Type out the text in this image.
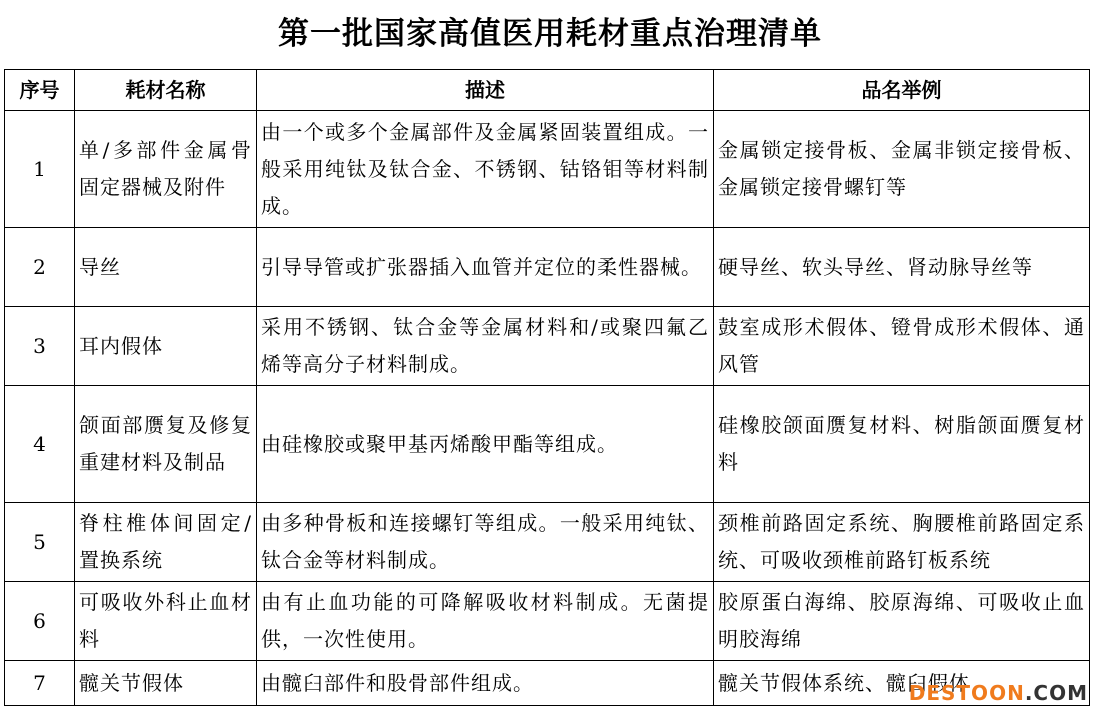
第一批国家高值医用耗材重点治理清单
序号	耗材名称	描述	品名举例
1	单/多部件金属骨固定器械及附件	由一个或多个金属部件及金属紧固装置组成。一般采用纯钛及钛合金、不锈钢、钴铬钼等材料制成。	金属锁定接骨板、金属非锁定接骨板、金属锁定接骨螺钉等
2	导丝	引导导管或扩张器插入血管并定位的柔性器械。	硬导丝、软头导丝、肾动脉导丝等
3	耳内假体	采用不锈钢、钛合金等金属材料和/或聚四氟乙烯等高分子材料制成。	鼓室成形术假体、镫骨成形术假体、通风管
4	颌面部赝复及修复重建材料及制品	由硅橡胶或聚甲基丙烯酸甲酯等组成。	硅橡胶颌面赝复材料、树脂颌面赝复材料
5	脊柱椎体间固定/置换系统	由多种骨板和连接螺钉等组成。一般采用纯钛、钛合金等材料制成。	颈椎前路固定系统、胸腰椎前路固定系统、可吸收颈椎前路钉板系统
6	可吸收外科止血材料	由有止血功能的可降解吸收材料制成。无菌提供，一次性使用。	胶原蛋白海绵、胶原海绵、可吸收止血明胶海绵
7	髋关节假体	由髋臼部件和股骨部件组成。	髋关节假体系统、髋臼假体
DESTOON.COM
